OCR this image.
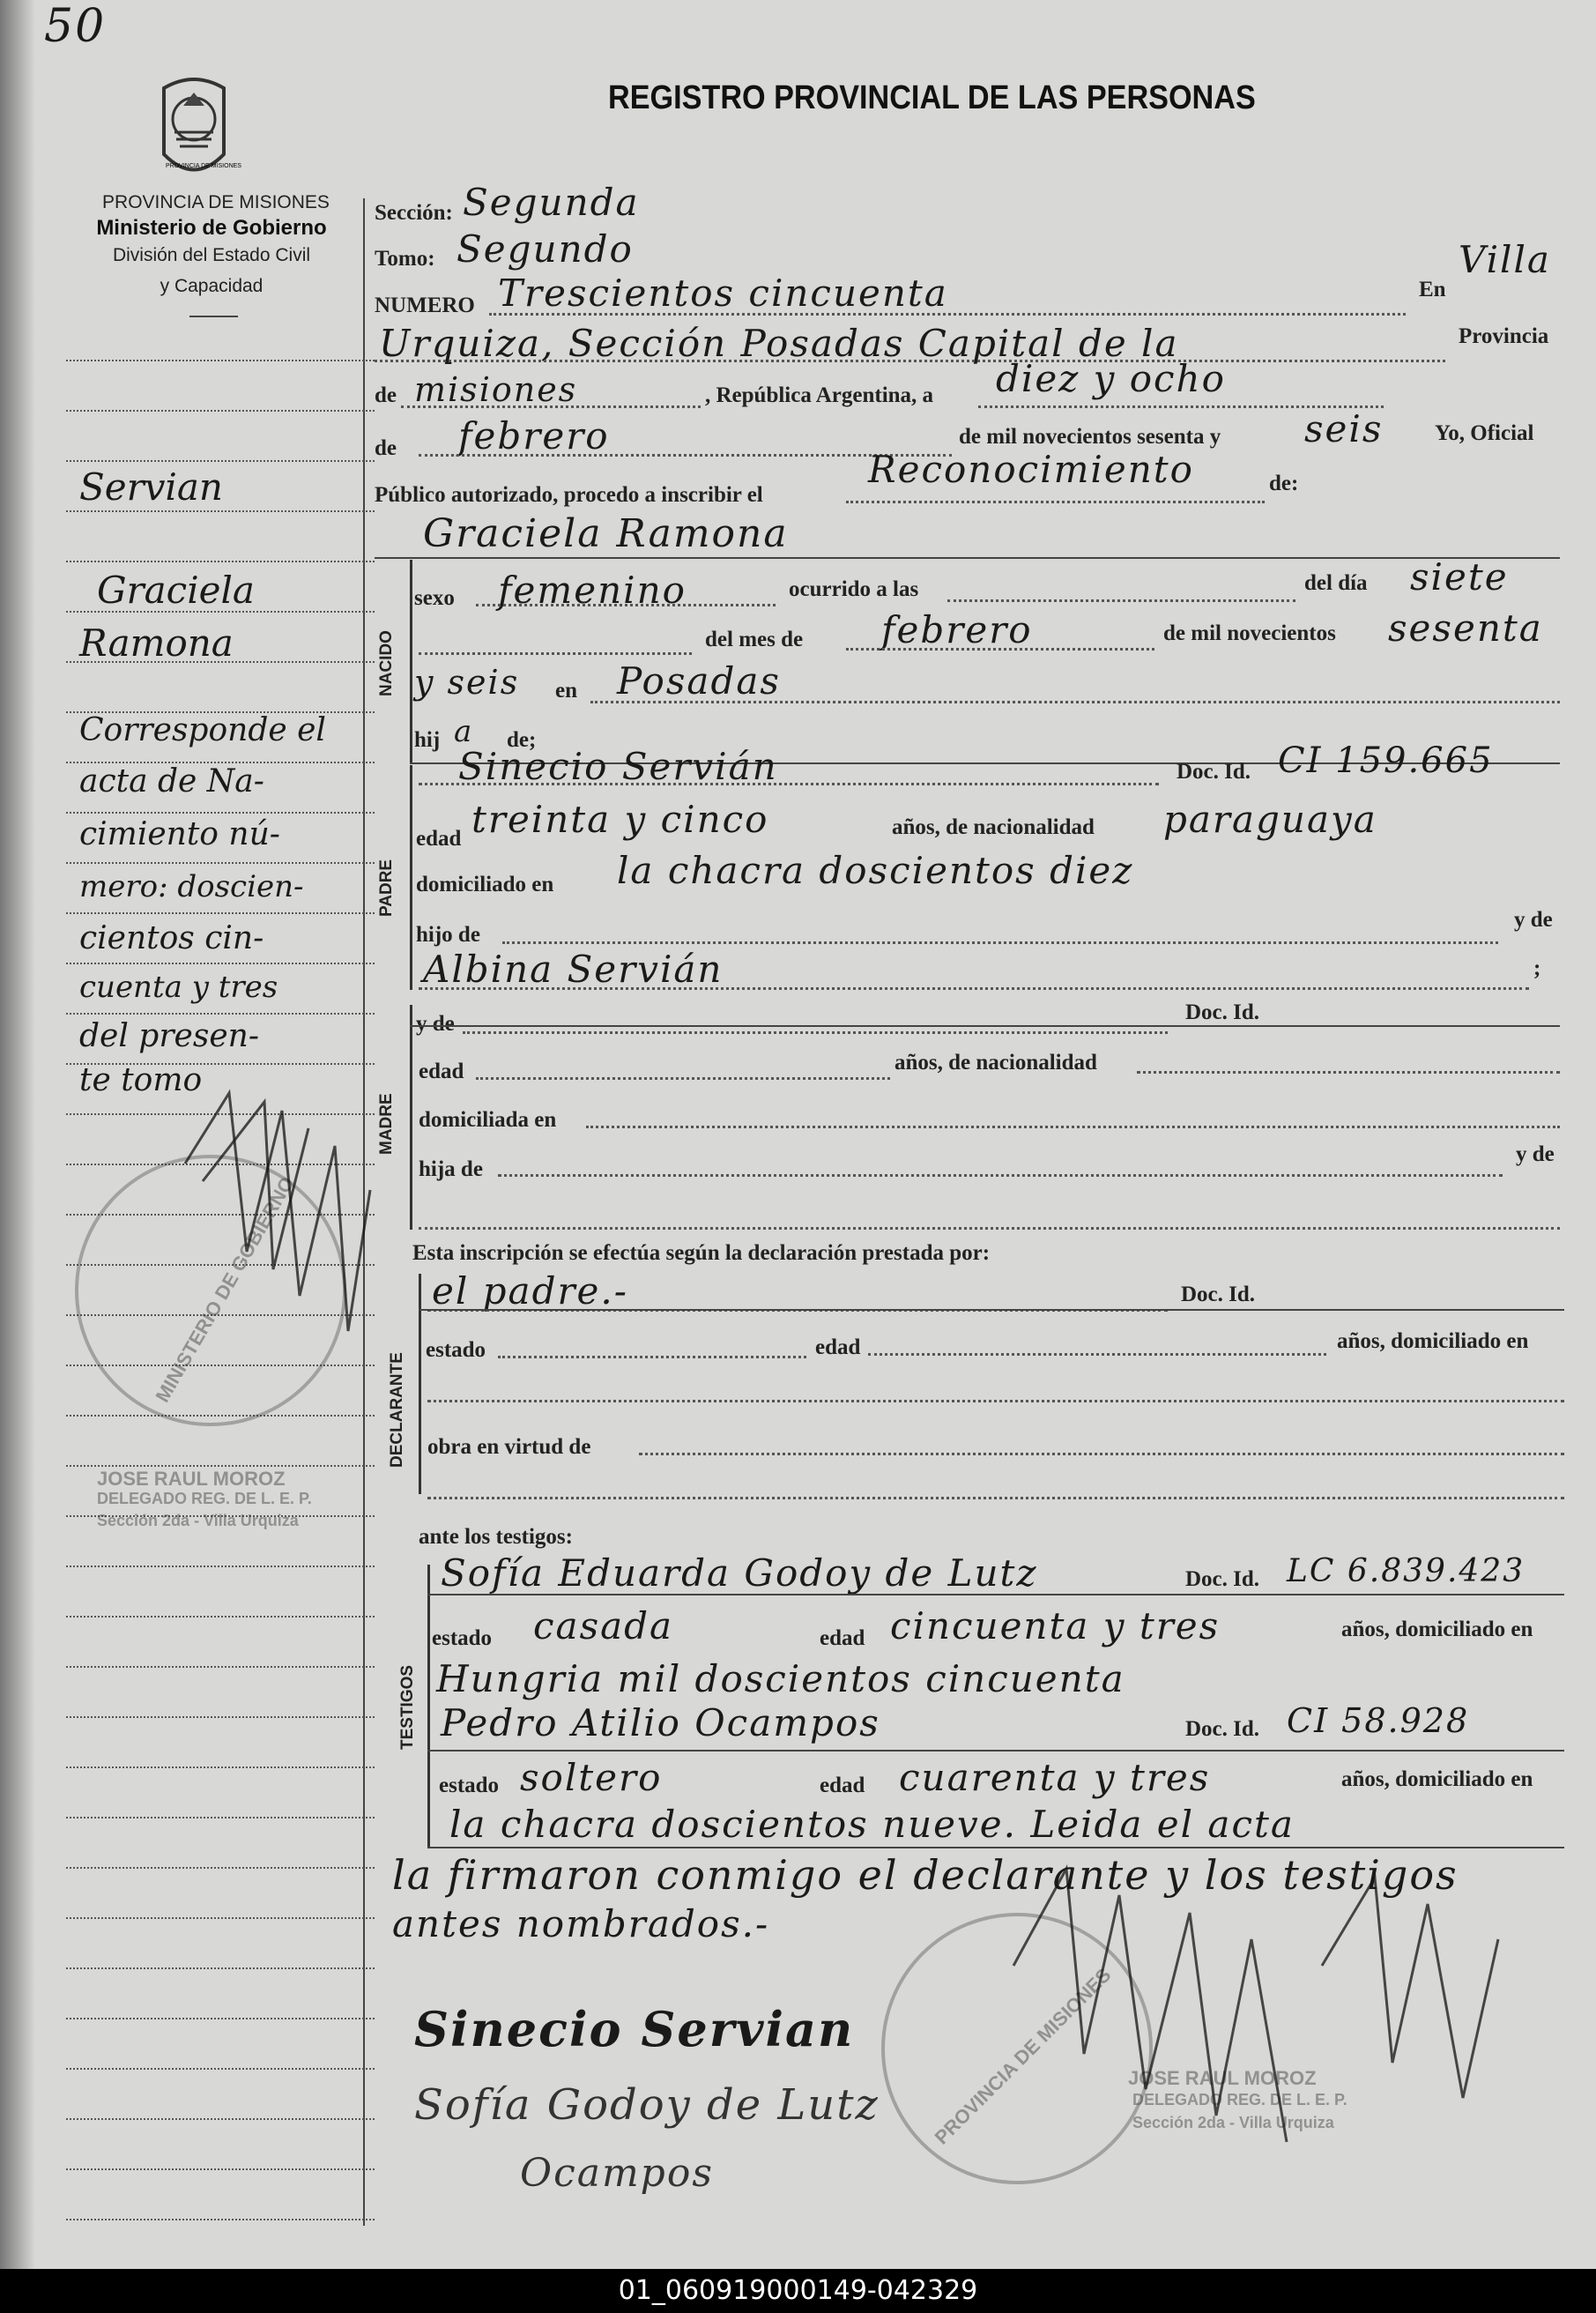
50
PROVINCIA DE MISIONES
PROVINCIA DE MISIONES
Ministerio de Gobierno
División del Estado Civil
y Capacidad
REGISTRO PROVINCIAL DE LAS PERSONAS
Servian
Graciela
Ramona
Corresponde el
acta de Na-
cimiento nú-
mero: doscien-
cientos cin-
cuenta y tres
del presen-
te tomo
Sección: Segunda
Tomo: Segundo
NUMERO Trescientos cincuenta	En
Villa
Urquiza, Sección Posadas Capital de la	Provincia
de misiones	, República Argentina, a diez y ocho
de febrero	de mil novecientos sesenta y seis Yo, Oficial
Público autorizado, procedo a inscribir el
Reconocimiento	de:
Graciela Ramona
NACIDO
sexo femenino	ocurrido a las	del día siete
del mes de febrero	de mil novecientos sesenta
y seis en Posadas
hij a de;
PADRE
Sinecio Servián	Doc. Id. CI 159.665
edad treinta y cinco	años, de nacionalidad paraguaya
domiciliado en la chacra doscientos diez
hijo de
y de
Albina Servián	;
MADRE
y de	Doc. Id.
edad	años, de nacionalidad
domiciliada en
hija de
y de
Esta inscripción se efectúa según la declaración prestada por:
DECLARANTE
el padre.-	Doc. Id.
estado	edad	años, domiciliado en
obra en virtud de
ante los testigos:
TESTIGOS
Sofía Eduarda Godoy de Lutz	Doc. Id. LC 6.839.423
estado casada	edad cincuenta y tres	años, domiciliado en
Hungria mil doscientos cincuenta
Pedro Atilio Ocampos	Doc. Id. CI 58.928
estado soltero	edad cuarenta y tres	años, domiciliado en
la chacra doscientos nueve. Leida el acta
la firmaron conmigo el declarante y los testigos
antes nombrados.-
MINISTERIO DE GOBIERNO
JOSE RAUL MOROZ
DELEGADO REG. DE L. E. P.
Sección 2da - Villa Urquiza
PROVINCIA DE MISIONES JOSE RAUL MOROZ
DELEGADO REG. DE L. E. P.
Sección 2da - Villa Urquiza
Sinecio Servian
Sofía Godoy de Lutz
Ocampos
01_060919000149-042329
